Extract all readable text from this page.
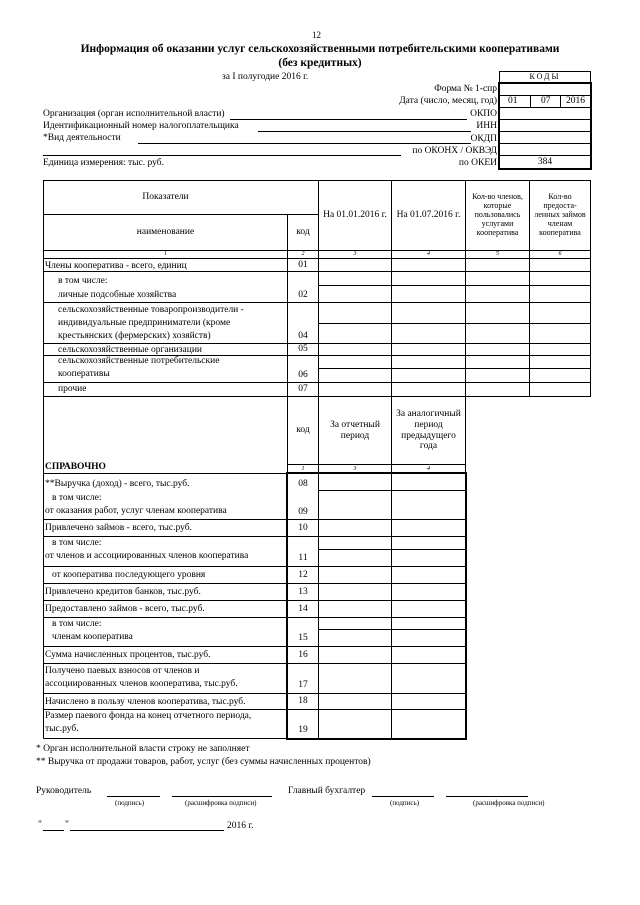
12
Информация об оказании услуг сельскохозяйственными потребительскими кооперативами
(без кредитных)
за I полугодие 2016 г.	КОДЫ
Форма № 1-спр
Дата (число, месяц, год) 01 07 2016
Организация (орган исполнительной власти)	ОКПО
Идентификационный номер налогоплательщика	ИНН
*Вид деятельности	ОКДП
по ОКОНХ / ОКВЭД
Единица измерения: тыс. руб.	по ОКЕИ	384
Показатели
наименование	код
На 01.01.2016 г.	На 01.07.2016 г.
Кол-во членов, которые пользовались услугами кооператива
Кол-во предоста-ленных займов членам кооператива
1	2	3	4	5	6
Члены кооператива - всего, единиц	01
в том числе:
личные подсобные хозяйства	02
сельскохозяйственные товаропроизводители -
индивидуальные предприниматели (кроме
крестьянских (фермерских) хозяйств)	04
сельскохозяйственные организации	05
сельскохозяйственные потребительские
кооперативы	06
прочие	07
код
За отчетный период
За аналогичный период предыдущего года
СПРАВОЧНО	1	3	4
**Выручка (доход) - всего, тыс.руб.	08
в том числе:
от оказания работ, услуг членам кооператива	09
Привлечено займов - всего, тыс.руб.	10
в том числе:
от членов и ассоциированных членов кооператива	11
от кооператива последующего уровня	12
Привлечено кредитов банков, тыс.руб.	13
Предоставлено займов - всего, тыс.руб.	14
в том числе:
членам кооператива	15
Сумма начисленных процентов, тыс.руб.	16
Получено паевых взносов от членов и
ассоциированных членов кооператива, тыс.руб.	17
Начислено в пользу членов кооператива, тыс.руб.	18
Размер паевого фонда на конец отчетного периода,
тыс.руб.	19
* Орган исполнительной власти строку не заполняет
** Выручка от продажи товаров, работ, услуг (без суммы начисленных процентов)
Руководитель	Главный бухгалтер
(подпись)	(расшифровка подписи)	(подпись)	(расшифровка подписи)
" "	2016 г.
